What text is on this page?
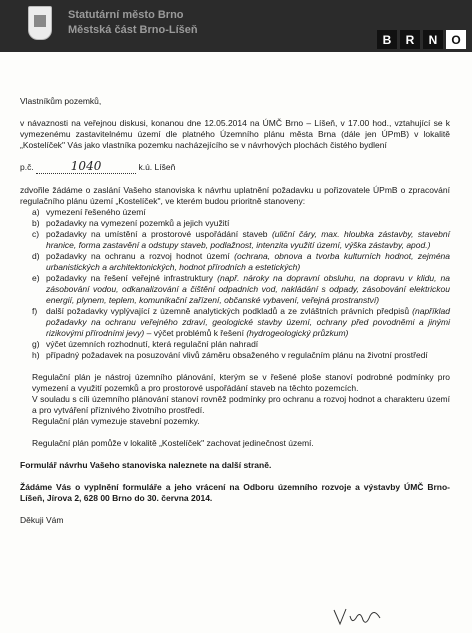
Statutární město Brno
Městská část Brno-Líšeň
B	R	N	O

Vlastníkům pozemků,

v návaznosti na veřejnou diskusi, konanou dne 12.05.2014 na ÚMČ Brno – Líšeň, v 17.00 hod., vztahující se k vymezenému zastavitelnému území dle platného Územního plánu města Brna (dále jen ÚPmB) v lokalitě „Kostelíček" Vás jako vlastníka pozemku nacházejícího se v návrhových plochách čistého bydlení

p.č.	1040	k.ú. Líšeň

zdvořile žádáme o zaslání Vašeho stanoviska k návrhu uplatnění požadavku u pořizovatele ÚPmB o zpracování regulačního plánu území „Kostelíček", ve kterém budou prioritně stanoveny:

a) vymezení řešeného území
b) požadavky na vymezení pozemků a jejich využití
c) požadavky na umístění a prostorové uspořádání staveb (uliční čáry, max. hloubka zástavby, stavební hranice, forma zastavění a odstupy staveb, podlažnost, intenzita využití území, výška zástavby, apod.)
d) požadavky na ochranu a rozvoj hodnot území (ochrana, obnova a tvorba kulturních hodnot, zejména urbanistických a architektonických, hodnot přírodních a estetických)
e) požadavky na řešení veřejné infrastruktury (např. nároky na dopravní obsluhu, na dopravu v klidu, na zásobování vodou, odkanalizování a čištění odpadních vod, nakládání s odpady, zásobování elektrickou energií, plynem, teplem, komunikační zařízení, občanské vybavení, veřejná prostranství)
f)	další požadavky vyplývající z územně analytických podkladů a ze zvláštních právních předpisů (například požadavky na ochranu veřejného zdraví, geologické stavby území, ochrany před povodněmi a jinými rizikovými přírodními jevy) – výčet problémů k řešení (hydrogeologický průzkum)
g) výčet územních rozhodnutí, která regulační plán nahradí
h) případný požadavek na posuzování vlivů záměru obsaženého v regulačním plánu na životní prostředí

Regulační plán je nástroj územního plánování, kterým se v řešené ploše stanoví podrobné podmínky pro vymezení a využití pozemků a pro prostorové uspořádání staveb na těchto pozemcích.

V souladu s cíli územního plánování stanoví rovněž podmínky pro ochranu a rozvoj hodnot a charakteru území a pro vytváření příznivého životního prostředí.

Regulační plán vymezuje stavební pozemky.

Regulační plán pomůže v lokalitě „Kostelíček" zachovat jedinečnost území.

Formulář návrhu Vašeho stanoviska naleznete na další straně.

Žádáme Vás o vyplnění formuláře a jeho vrácení na Odboru územního rozvoje a výstavby ÚMČ Brno-Líšeň, Jírova 2, 628 00 Brno do 30. června 2014.

Děkuji Vám
